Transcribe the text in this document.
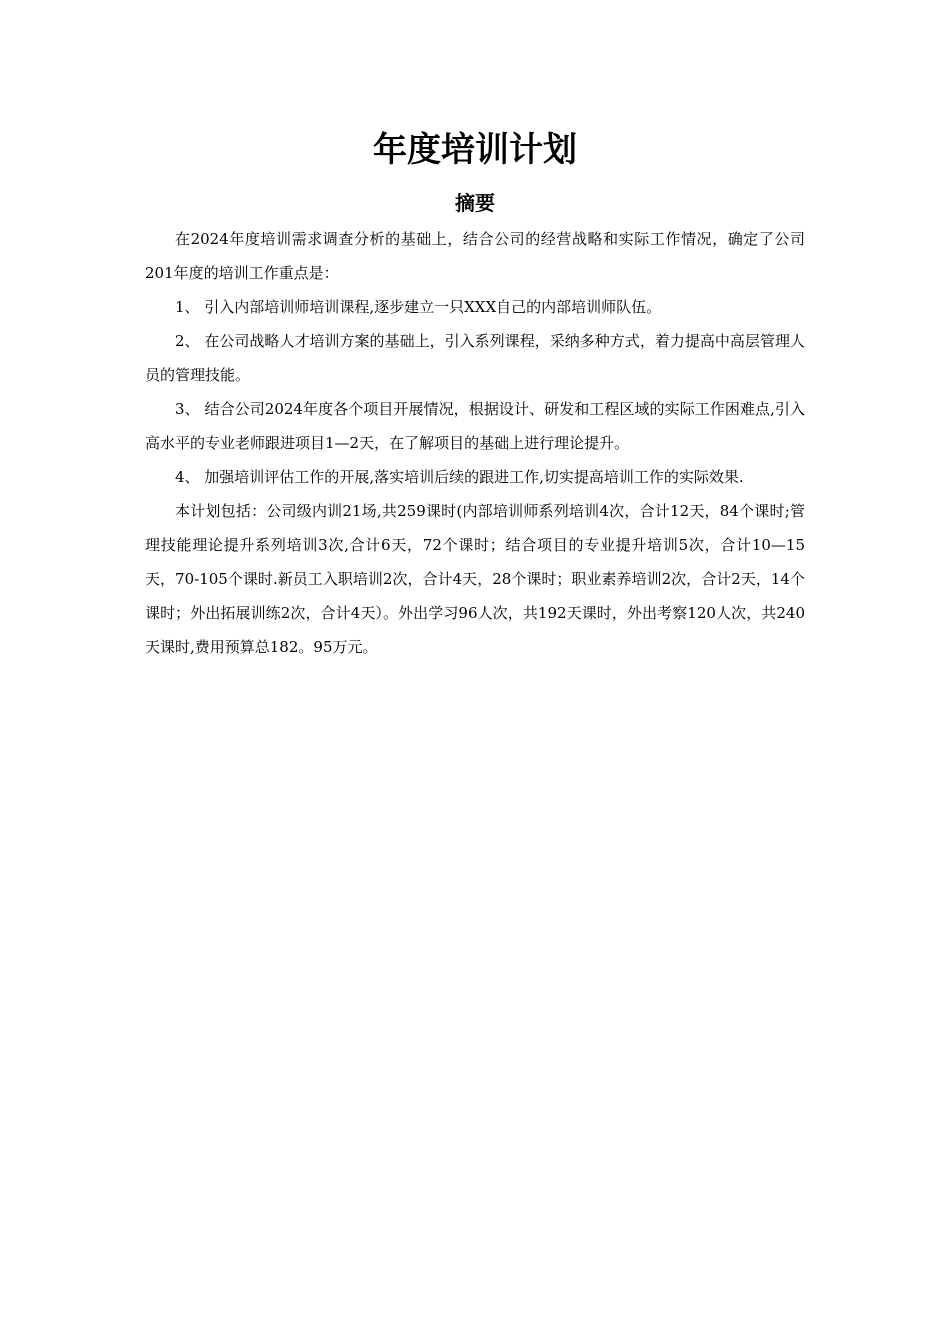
年度培训计划
摘要

在2024年度培训需求调查分析的基础上，结合公司的经营战略和实际工作情况，确定了公司201年度的培训工作重点是：

1、 引入内部培训师培训课程,逐步建立一只XXX自己的内部培训师队伍。

2、 在公司战略人才培训方案的基础上，引入系列课程，采纳多种方式，着力提高中高层管理人员的管理技能。

3、 结合公司2024年度各个项目开展情况，根据设计、研发和工程区域的实际工作困难点,引入高水平的专业老师跟进项目1—2天，在了解项目的基础上进行理论提升。

4、 加强培训评估工作的开展,落实培训后续的跟进工作,切实提高培训工作的实际效果.

本计划包括：公司级内训21场,共259课时(内部培训师系列培训4次，合计12天，84个课时;管理技能理论提升系列培训3次,合计6天，72个课时；结合项目的专业提升培训5次，合计10—15天，70-105个课时.新员工入职培训2次，合计4天，28个课时；职业素养培训2次，合计2天，14个课时；外出拓展训练2次，合计4天）。外出学习96人次，共192天课时，外出考察120人次，共240天课时,费用预算总182。95万元。
